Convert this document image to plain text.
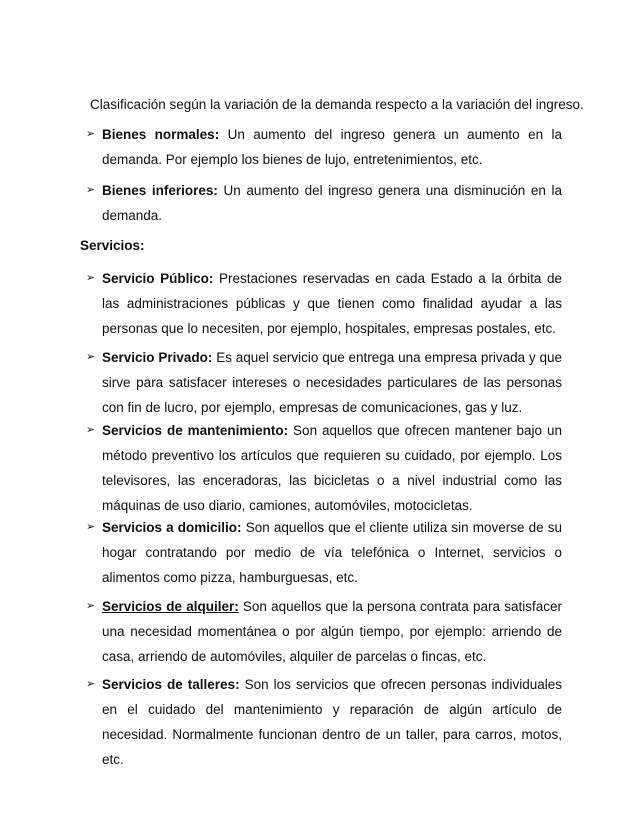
Clasificación según la variación de la demanda respecto a la variación del ingreso.
➢ Bienes normales: Un aumento del ingreso genera un aumento en la demanda. Por ejemplo los bienes de lujo, entretenimientos, etc.
➢ Bienes inferiores: Un aumento del ingreso genera una disminución en la demanda.
Servicios:
➢ Servicio Público: Prestaciones reservadas en cada Estado a la órbita de las administraciones públicas y que tienen como finalidad ayudar a las personas que lo necesiten, por ejemplo, hospitales, empresas postales, etc.
➢ Servicio Privado: Es aquel servicio que entrega una empresa privada y que sirve para satisfacer intereses o necesidades particulares de las personas con fin de lucro, por ejemplo, empresas de comunicaciones, gas y luz.
➢ Servicios de mantenimiento: Son aquellos que ofrecen mantener bajo un método preventivo los artículos que requieren su cuidado, por ejemplo. Los televisores, las enceradoras, las bicicletas o a nivel industrial como las máquinas de uso diario, camiones, automóviles, motocicletas.
➢ Servicios a domicilio: Son aquellos que el cliente utiliza sin moverse de su hogar contratando por medio de vía telefónica o Internet, servicios o alimentos como pizza, hamburguesas, etc.
➢ Servicios de alquiler: Son aquellos que la persona contrata para satisfacer una necesidad momentánea o por algún tiempo, por ejemplo: arriendo de casa, arriendo de automóviles, alquiler de parcelas o fincas, etc.
➢ Servicios de talleres: Son los servicios que ofrecen personas individuales en el cuidado del mantenimiento y reparación de algún artículo de necesidad. Normalmente funcionan dentro de un taller, para carros, motos, etc.
